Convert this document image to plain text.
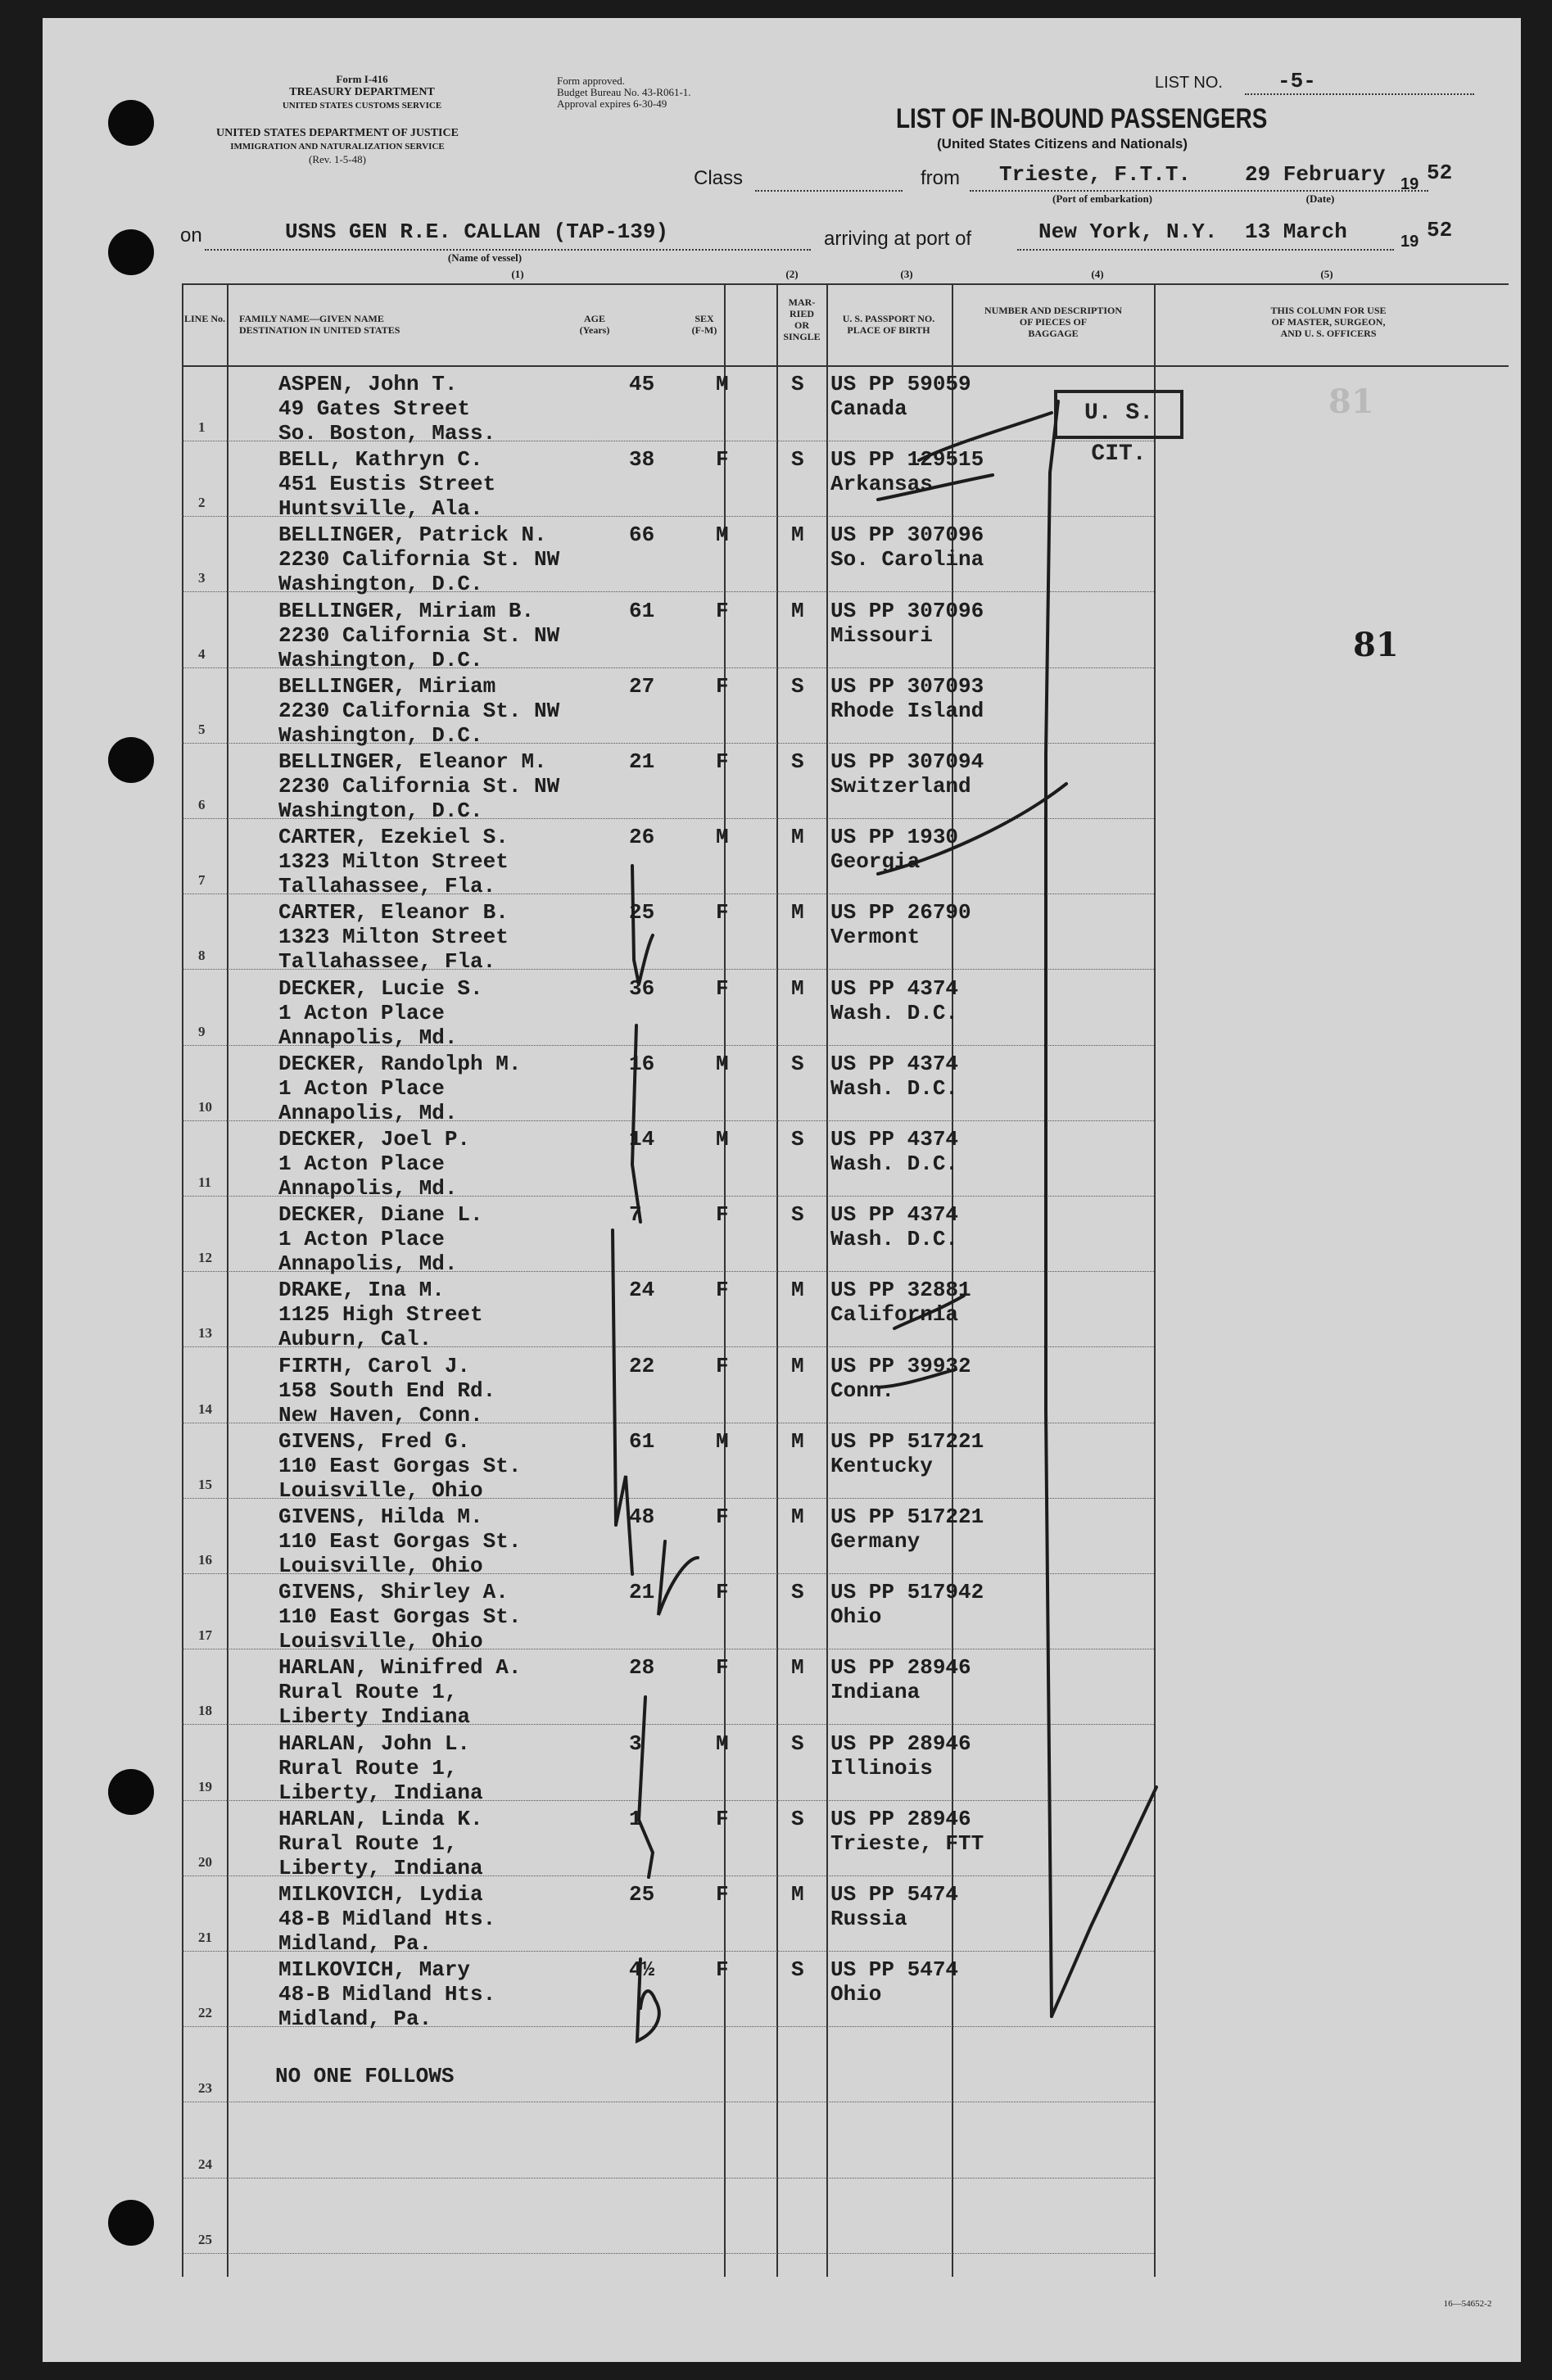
Form I-416
TREASURY DEPARTMENT
UNITED STATES CUSTOMS SERVICE
Form approved.
Budget Bureau No. 43-R061-1.
Approval expires 6-30-49
UNITED STATES DEPARTMENT OF JUSTICE
IMMIGRATION AND NATURALIZATION SERVICE
(Rev. 1-5-48)
LIST NO.	-5-
LIST OF IN-BOUND PASSENGERS
(United States Citizens and Nationals)
Class	from Trieste, F.T.T.
(Port of embarkation)
29 February
(Date)
19 52
on	USNS GEN R.E. CALLAN (TAP-139)
(Name of vessel)
arriving at port of	New York, N.Y. 13 March	19 52
(1)	(2)	(3)	(4)	(5)
LINE No. FAMILY NAME—GIVEN NAME
DESTINATION IN UNITED STATES
AGE
(Years)
SEX
(F-M)
MAR-
RIED
OR
SINGLE
U. S. PASSPORT NO.
PLACE OF BIRTH
NUMBER AND DESCRIPTION
OF PIECES OF
BAGGAGE
THIS COLUMN FOR USE
OF MASTER, SURGEON,
AND U. S. OFFICERS
1
ASPEN, John T.
49 Gates Street
So. Boston, Mass.
45	M	S US PP 59059
Canada
2
BELL, Kathryn C.
451 Eustis Street
Huntsville, Ala.
38	F	S US PP 129515
Arkansas
3
BELLINGER, Patrick N.
2230 California St. NW
Washington, D.C.
66	M	M US PP 307096
So. Carolina
4
BELLINGER, Miriam B.
2230 California St. NW
Washington, D.C.
61	F	M US PP 307096
Missouri
5
BELLINGER, Miriam
2230 California St. NW
Washington, D.C.
27	F	S US PP 307093
Rhode Island
6
BELLINGER, Eleanor M.
2230 California St. NW
Washington, D.C.
21	F	S US PP 307094
Switzerland
7
CARTER, Ezekiel S.
1323 Milton Street
Tallahassee, Fla.
26	M	M US PP 1930
Georgia
8
CARTER, Eleanor B.
1323 Milton Street
Tallahassee, Fla.
25	F	M US PP 26790
Vermont
9
DECKER, Lucie S.
1 Acton Place
Annapolis, Md.
36	F	M US PP 4374
Wash. D.C.
10
DECKER, Randolph M.
1 Acton Place
Annapolis, Md.
16	M	S US PP 4374
Wash. D.C.
11
DECKER, Joel P.
1 Acton Place
Annapolis, Md.
14	M	S US PP 4374
Wash. D.C.
12
DECKER, Diane L.
1 Acton Place
Annapolis, Md.
7	F	S US PP 4374
Wash. D.C.
13
DRAKE, Ina M.
1125 High Street
Auburn, Cal.
24	F	M US PP 32881
California
14
FIRTH, Carol J.
158 South End Rd.
New Haven, Conn.
22	F	M US PP 39932
Conn.
15
GIVENS, Fred G.
110 East Gorgas St.
Louisville, Ohio
61	M	M US PP 517221
Kentucky
16
GIVENS, Hilda M.
110 East Gorgas St.
Louisville, Ohio
48	F	M US PP 517221
Germany
17
GIVENS, Shirley A.
110 East Gorgas St.
Louisville, Ohio
21	F	S US PP 517942
Ohio
18
HARLAN, Winifred A.
Rural Route 1,
Liberty Indiana
28	F	M US PP 28946
Indiana
19
HARLAN, John L.
Rural Route 1,
Liberty, Indiana
3	M	S US PP 28946
Illinois
20
HARLAN, Linda K.
Rural Route 1,
Liberty, Indiana
1	F	S US PP 28946
Trieste, FTT
21
MILKOVICH, Lydia
48-B Midland Hts.
Midland, Pa.
25	F	M US PP 5474
Russia
22
MILKOVICH, Mary
48-B Midland Hts.
Midland, Pa.
4½	F	S US PP 5474
Ohio
23
24
25
NO ONE FOLLOWS
U. S. CIT.
81
81
16—54652-2
